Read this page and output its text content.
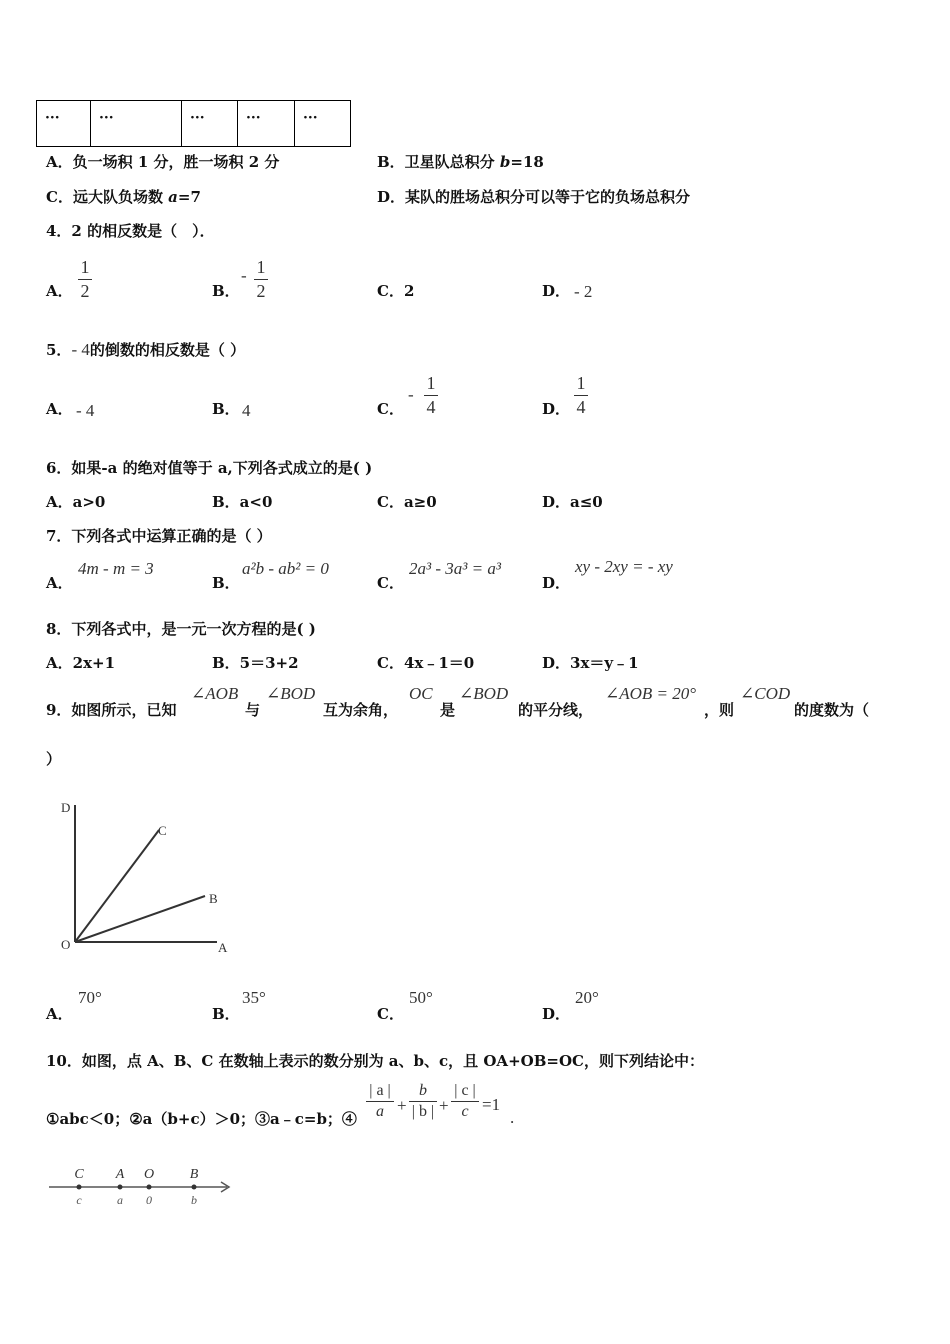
···	···	···	···	···
A．负一场积 1 分，胜一场积 2 分	B．卫星队总积分 b=18
C．远大队负场数 a=7	D．某队的胜场总积分可以等于它的负场总积分
4．2 的相反数是（　）．
A．
1
2	B．
- 1
2	C．2	D． - 2
5．- 4的倒数的相反数是（ ）
A． - 4	B． 4	C．
-
1
4	D．
1
4
6．如果-a 的绝对值等于 a,下列各式成立的是( )
A．a>0	B．a<0	C．a≥0	D．a≤0
7．下列各式中运算正确的是（ ）
A．
4m - m = 3
B．
a²b - ab² = 0
C．
2a³ - 3a³ = a³
D．
xy - 2xy = - xy
8．下列各式中，是一元一次方程的是( )
A．2x+1	B．5＝3+2	C．4x﹣1＝0	D．3x＝y﹣1
9．如图所示，已知
∠AOB
与
∠BOD
互为余角，
OC
是
∠BOD
的平分线，
∠AOB = 20°
，则
∠COD
的度数为（
）
D
C
B
O	A
A．
70°
B．
35°
C．
50°
D．
20°
10．如图，点 A、B、C 在数轴上表示的数分别为 a、b、c，且 OA+OB=OC，则下列结论中：
①abc＜0；②a（b+c）＞0；③a﹣c=b；④
| a |
a +
b
| b | +
| c |
c =1
.
C
c
A
a
O
0
B
b
